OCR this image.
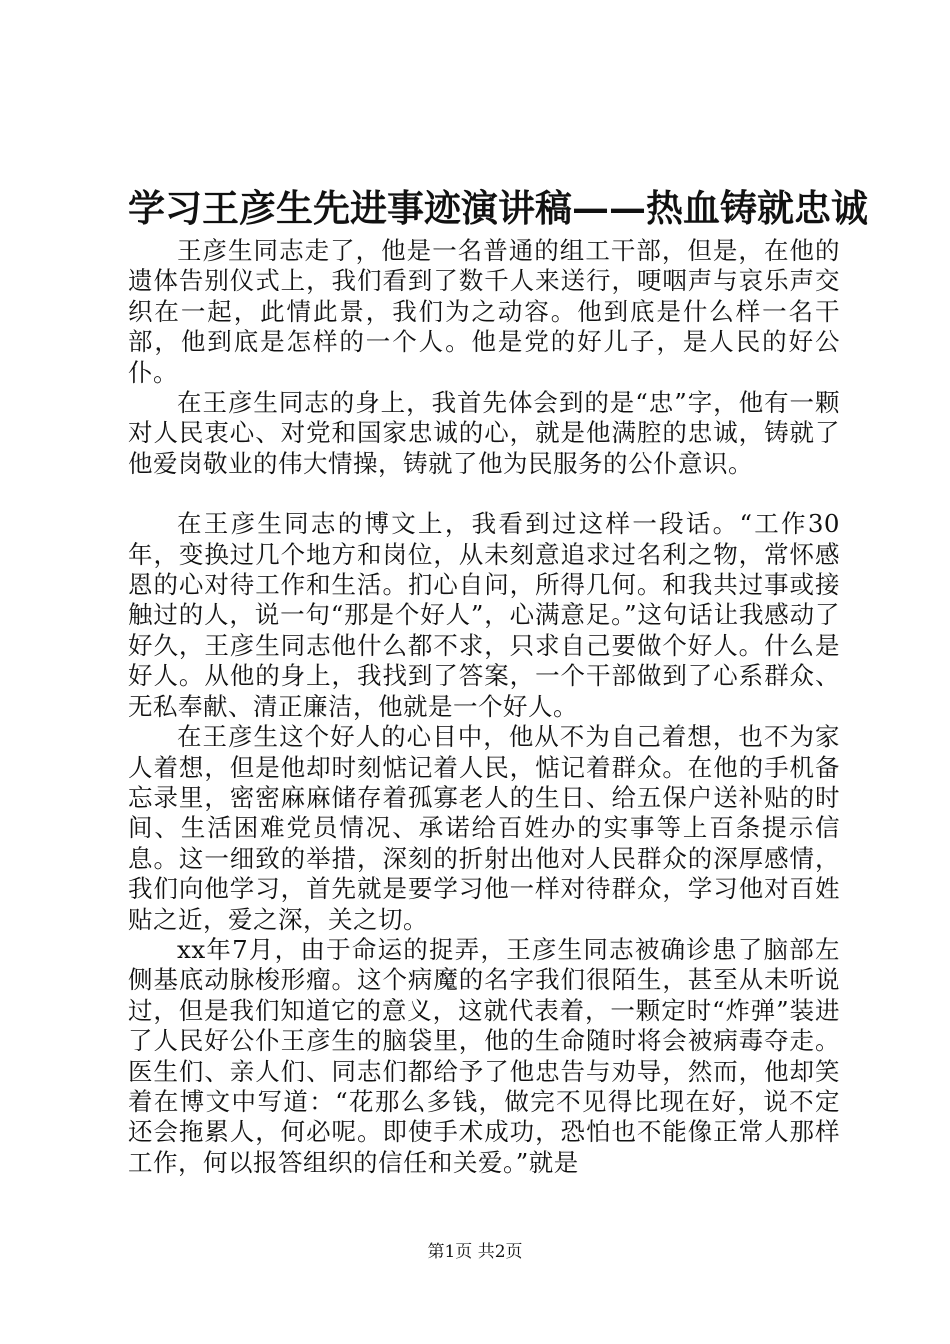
学习王彦生先进事迹演讲稿——热血铸就忠诚

王彦生同志走了，他是一名普通的组工干部，但是，在他的遗体告别仪式上，我们看到了数千人来送行，哽咽声与哀乐声交织在一起，此情此景，我们为之动容。他到底是什么样一名干部，他到底是怎样的一个人。他是党的好儿子，是人民的好公仆。

在王彦生同志的身上，我首先体会到的是“忠”字，他有一颗对人民衷心、对党和国家忠诚的心，就是他满腔的忠诚，铸就了他爱岗敬业的伟大情操，铸就了他为民服务的公仆意识。

在王彦生同志的博文上，我看到过这样一段话。“工作30年，变换过几个地方和岗位，从未刻意追求过名利之物，常怀感恩的心对待工作和生活。扪心自问，所得几何。和我共过事或接触过的人，说一句“那是个好人”，心满意足。”这句话让我感动了好久，王彦生同志他什么都不求，只求自己要做个好人。什么是好人。从他的身上，我找到了答案，一个干部做到了心系群众、无私奉献、清正廉洁，他就是一个好人。

在王彦生这个好人的心目中，他从不为自己着想，也不为家人着想，但是他却时刻惦记着人民，惦记着群众。在他的手机备忘录里，密密麻麻储存着孤寡老人的生日、给五保户送补贴的时间、生活困难党员情况、承诺给百姓办的实事等上百条提示信息。这一细致的举措，深刻的折射出他对人民群众的深厚感情，我们向他学习，首先就是要学习他一样对待群众，学习他对百姓贴之近，爱之深，关之切。

xx年7月，由于命运的捉弄，王彦生同志被确诊患了脑部左侧基底动脉梭形瘤。这个病魔的名字我们很陌生，甚至从未听说过，但是我们知道它的意义，这就代表着，一颗定时“炸弹”装进了人民好公仆王彦生的脑袋里，他的生命随时将会被病毒夺走。医生们、亲人们、同志们都给予了他忠告与劝导，然而，他却笑着在博文中写道：“花那么多钱，做完不见得比现在好，说不定还会拖累人，何必呢。即使手术成功，恐怕也不能像正常人那样工作，何以报答组织的信任和关爱。”就是

第1页 共2页
